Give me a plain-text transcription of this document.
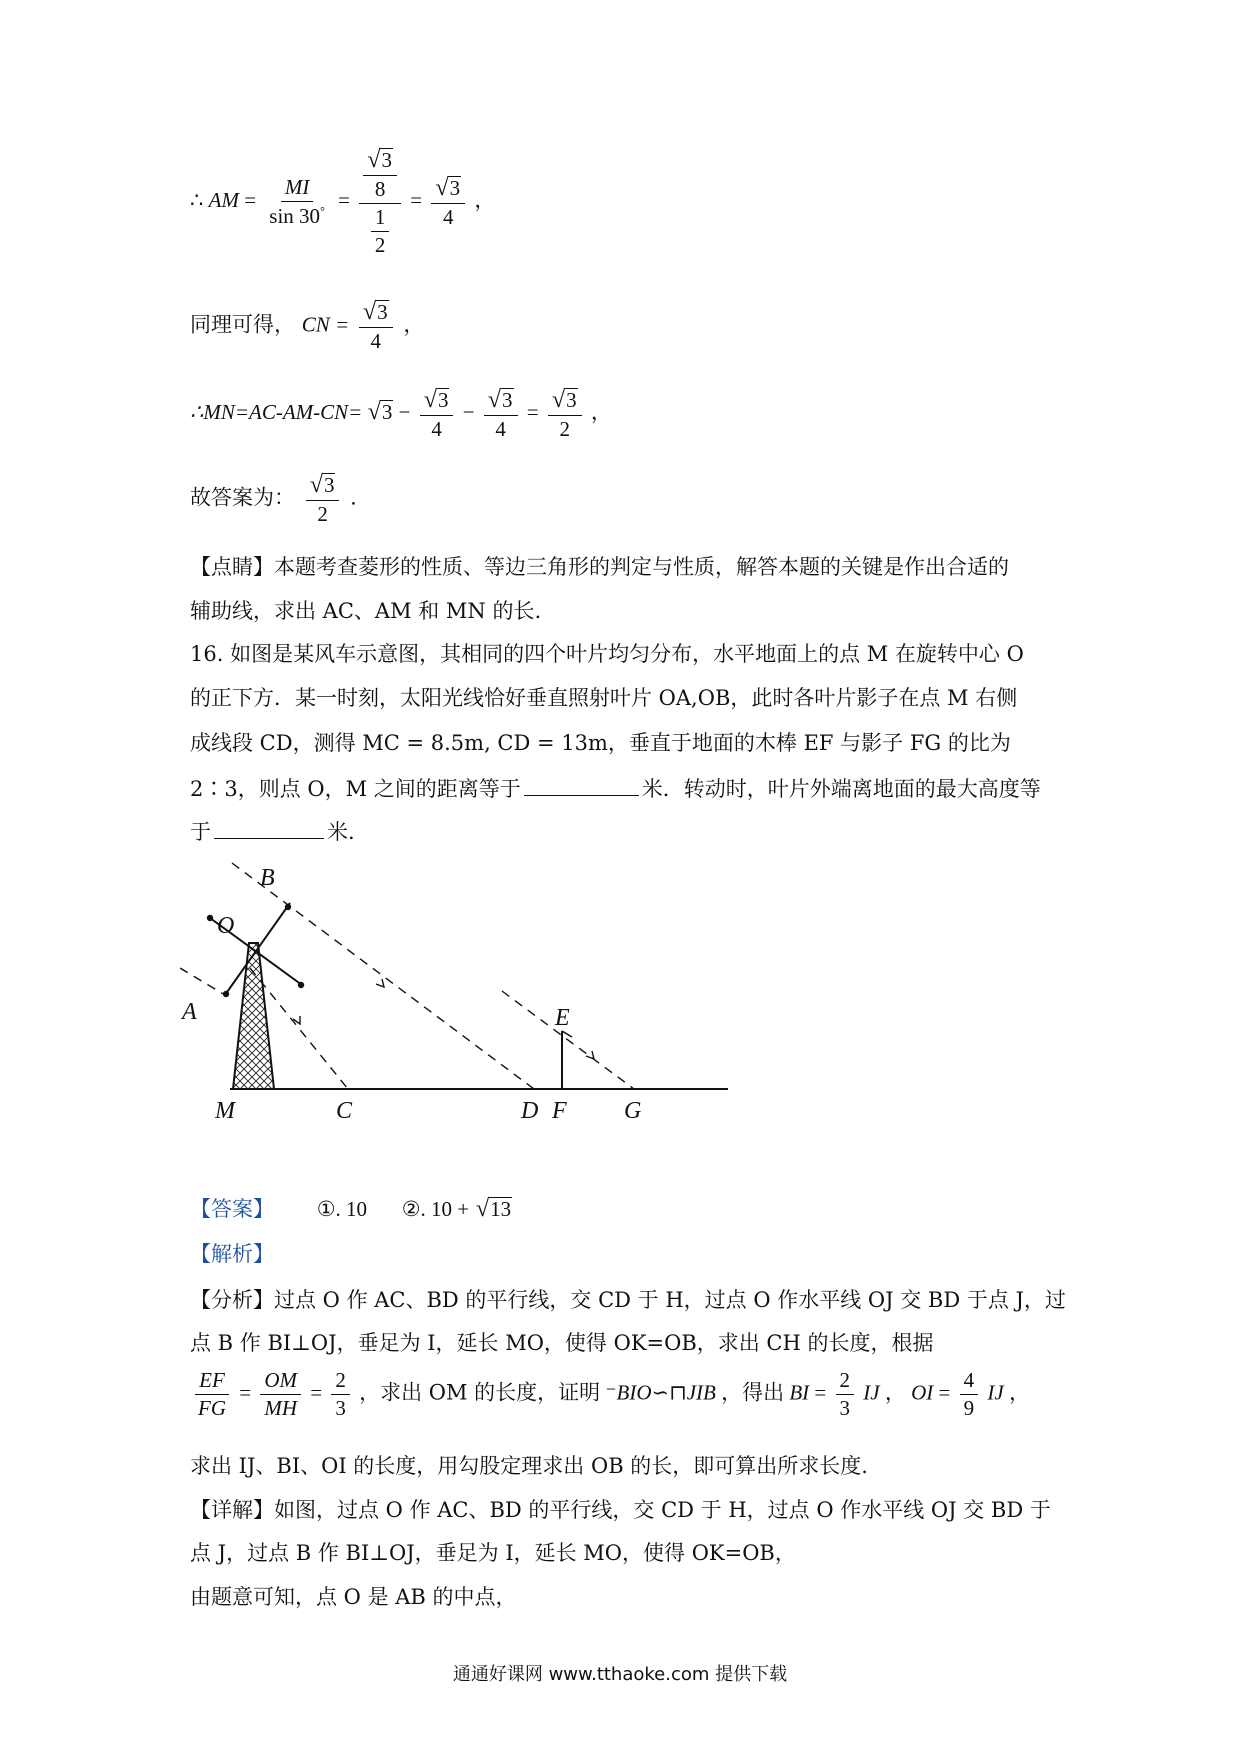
∴ AM = $\frac{MI}{\sin 30^\circ} = \frac{\frac{√ 3}{8}}{\frac{1}{2}} = \frac{√ 3}{4}$ ，
同理可得， CN = $\frac{√ 3}{4}$ ，
∴MN=AC-AM-CN= √ $3 - \frac{√ 3}{4} - \frac{√ 3}{4} = \frac{√ 3}{2}$ ，
故答案为： $\frac{√ 3}{2}$ .
【点睛】本题考查菱形的性质、等边三角形的判定与性质，解答本题的关键是作出合适的
辅助线，求出 AC、AM 和 MN 的长.
16. 如图是某风车示意图，其相同的四个叶片均匀分布，水平地面上的点 M 在旋转中心 O
的正下方．某一时刻，太阳光线恰好垂直照射叶片 OA,OB，此时各叶片影子在点 M 右侧
成线段 CD，测得 MC = 8.5m, CD = 13m，垂直于地面的木棒 EF 与影子 FG 的比为
2∶3，则点 O，M 之间的距离等于	米．转动时，叶片外端离地面的最大高度等
于	米.
B
O
A	E
M	C	D F G
【答案】 ①. 10 ②. 10 + √ 13
【解析】
【分析】过点 O 作 AC、BD 的平行线，交 CD 于 H，过点 O 作水平线 OJ 交 BD 于点 J，过
点 B 作 BI⊥OJ，垂足为 I，延长 MO，使得 OK=OB，求出 CH 的长度，根据
$\frac{EF}{FG} = \frac{OM}{MH} = \frac{2}{3}$ ，求出 OM 的长度，证明 ⁻BIO∽⊓JIB ，得出 BI = $\frac{2}{3}$ IJ ， OI = $\frac{4}{9}$ IJ ，
求出 IJ、BI、OI 的长度，用勾股定理求出 OB 的长，即可算出所求长度.
【详解】如图，过点 O 作 AC、BD 的平行线，交 CD 于 H，过点 O 作水平线 OJ 交 BD 于
点 J，过点 B 作 BI⊥OJ，垂足为 I，延长 MO，使得 OK=OB，
由题意可知，点 O 是 AB 的中点，
通通好课网 www.tthaoke.com 提供下载
